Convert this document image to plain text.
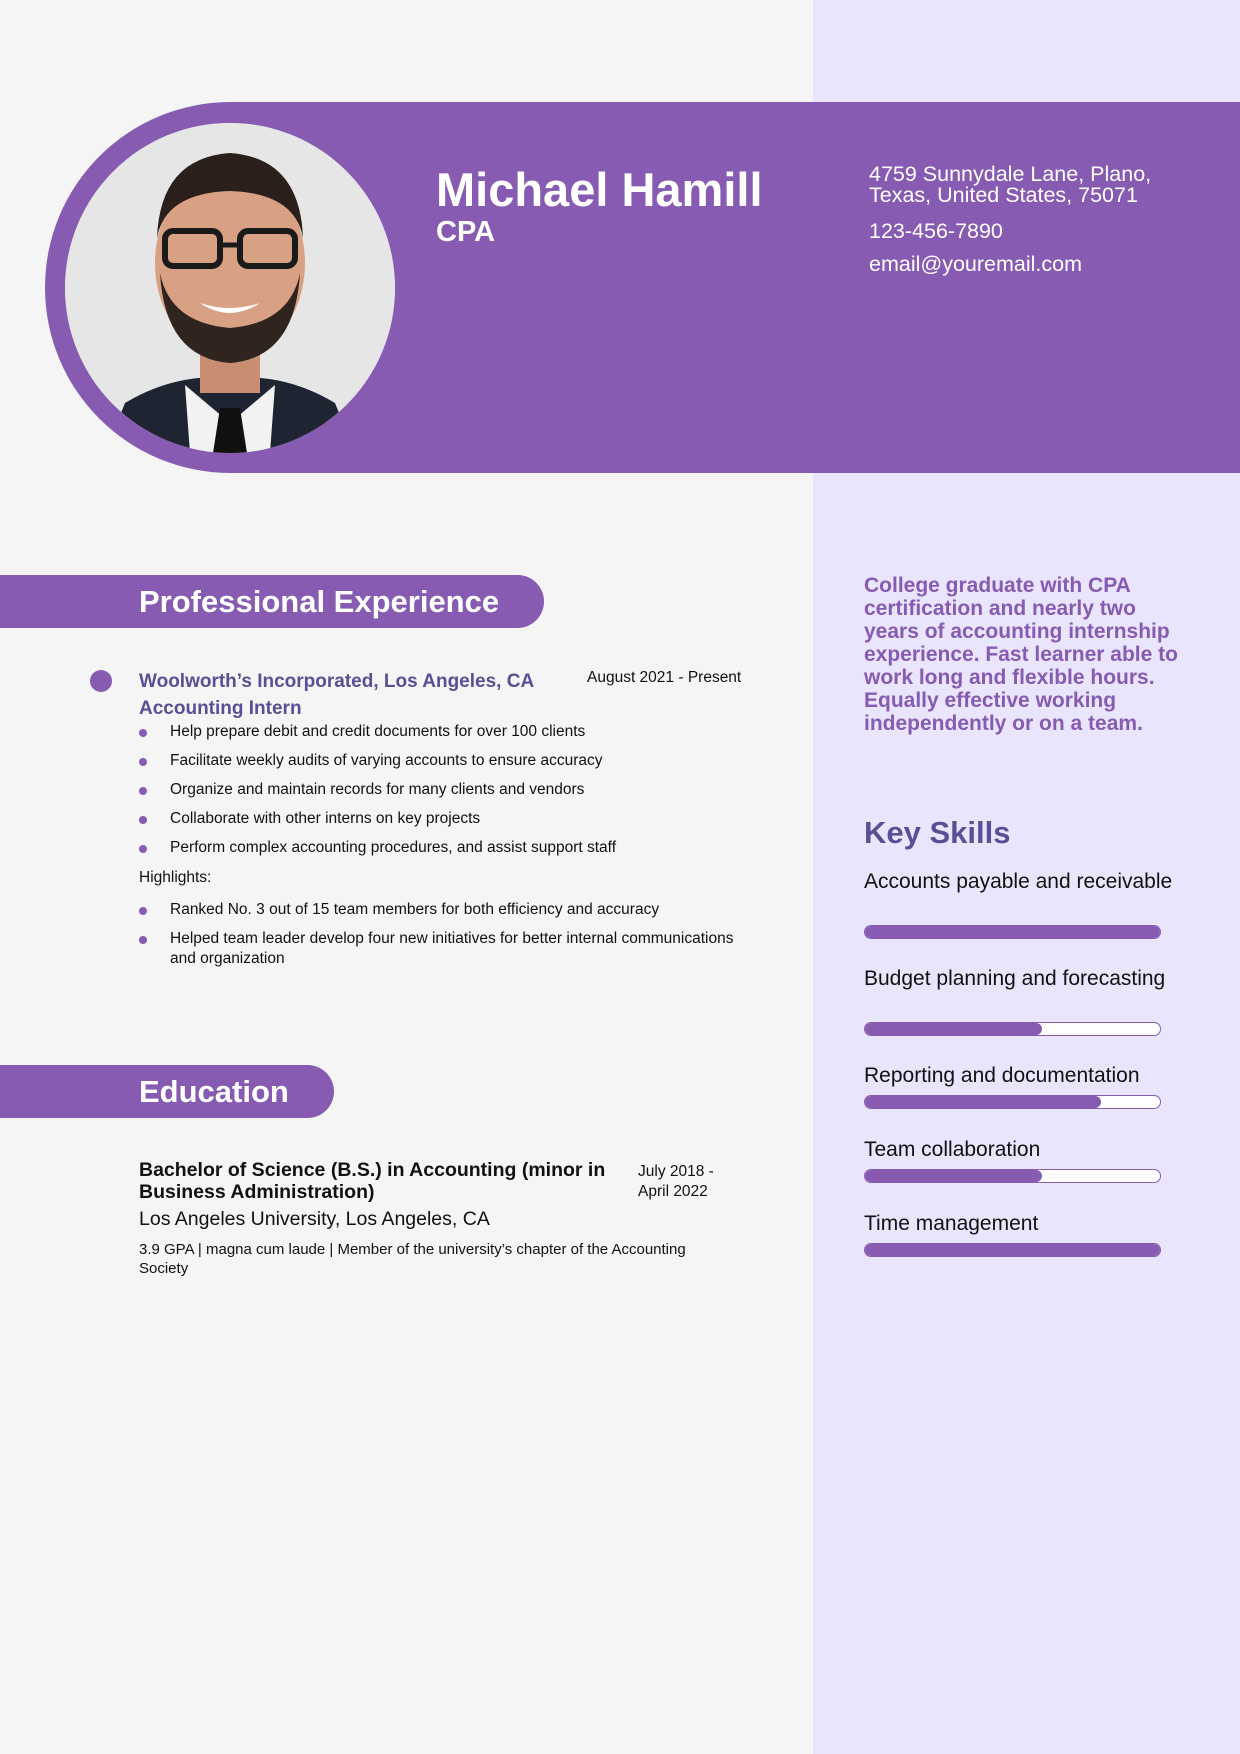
Michael Hamill
CPA
4759 Sunnydale Lane, Plano, Texas, United States, 75071
123-456-7890
email@youremail.com
Professional Experience
Woolworth’s Incorporated, Los Angeles, CA
Accounting Intern
August 2021 - Present
Help prepare debit and credit documents for over 100 clients
Facilitate weekly audits of varying accounts to ensure accuracy
Organize and maintain records for many clients and vendors
Collaborate with other interns on key projects
Perform complex accounting procedures, and assist support staff
Highlights:
Ranked No. 3 out of 15 team members for both efficiency and accuracy
Helped team leader develop four new initiatives for better internal communications and organization
Education
Bachelor of Science (B.S.) in Accounting (minor in Business Administration)
July 2018 - April 2022
Los Angeles University, Los Angeles, CA
3.9 GPA | magna cum laude | Member of the university’s chapter of the Accounting Society
College graduate with CPA certification and nearly two years of accounting internship experience. Fast learner able to work long and flexible hours. Equally effective working independently or on a team.
Key Skills
Accounts payable and receivable
Budget planning and forecasting
Reporting and documentation
Team collaboration
Time management
